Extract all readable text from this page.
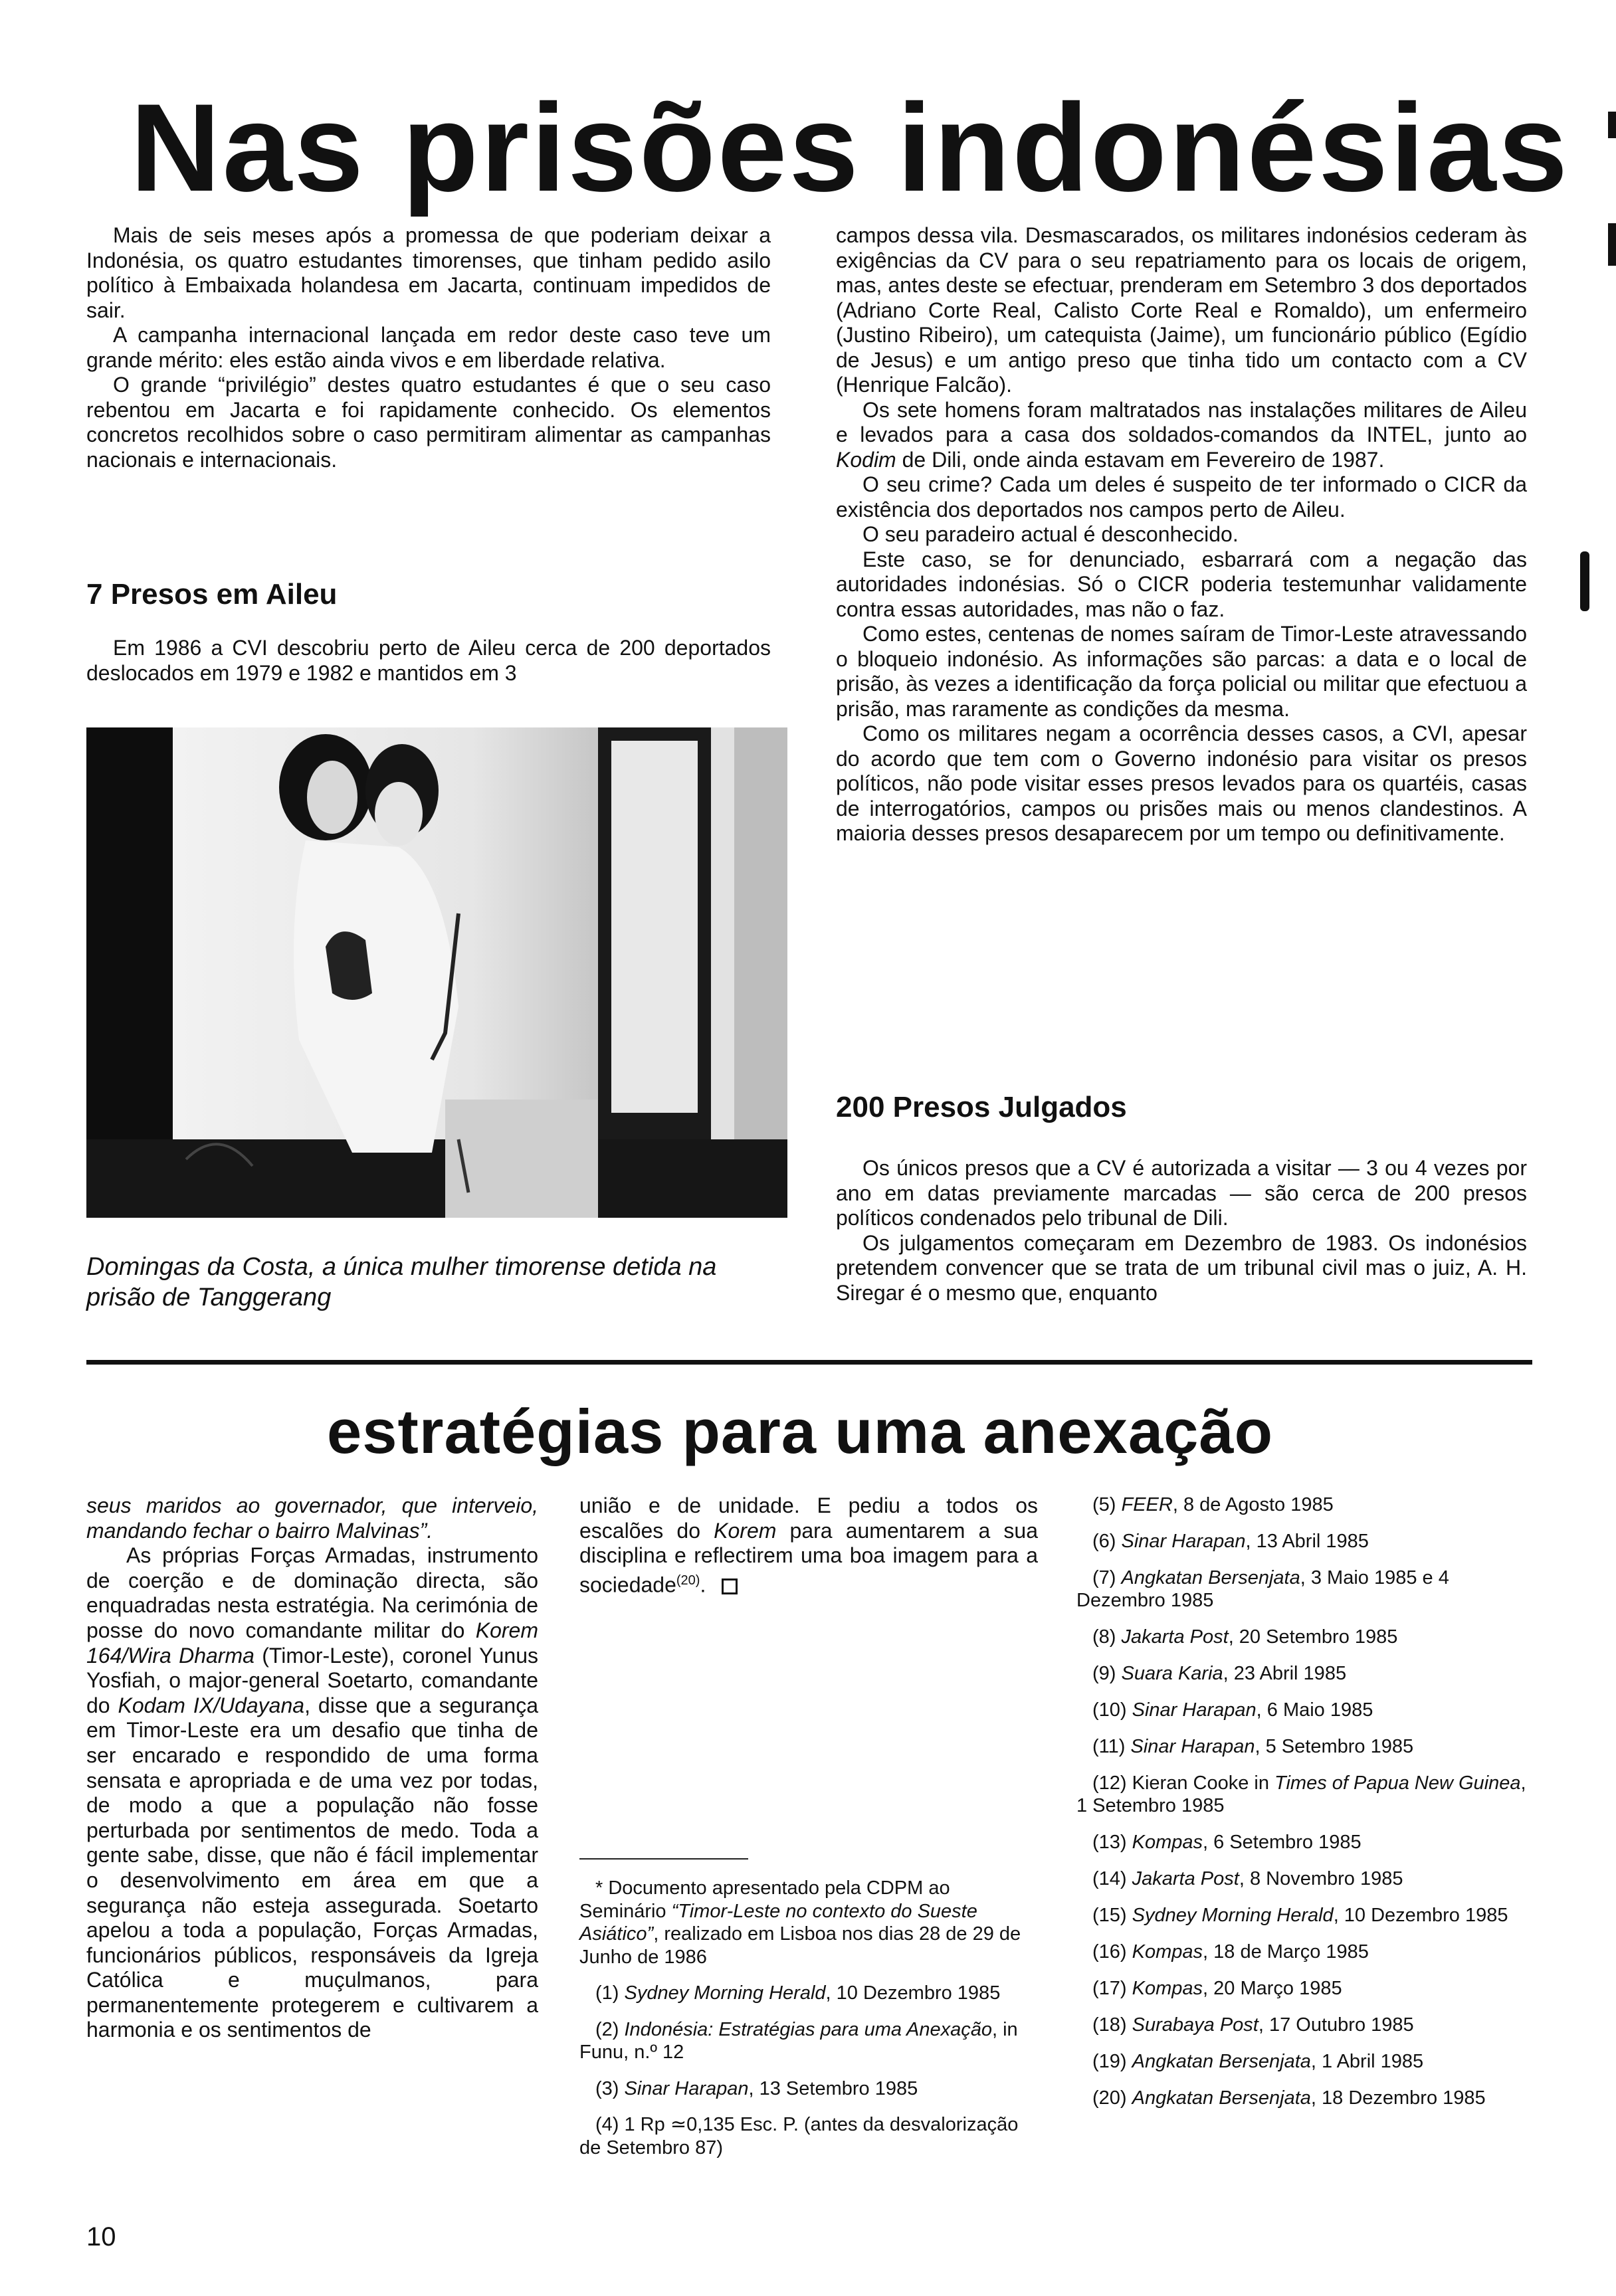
Nas prisões indonésias

Mais de seis meses após a promessa de que poderiam deixar a Indonésia, os quatro estudantes timorenses, que tinham pedido asilo político à Embaixada holandesa em Jacarta, continuam impedidos de sair.

A campanha internacional lançada em redor deste caso teve um grande mérito: eles estão ainda vivos e em liberdade relativa.

O grande “privilégio” destes quatro estudantes é que o seu caso rebentou em Jacarta e foi rapidamente conhecido. Os elementos concretos recolhidos sobre o caso permitiram alimentar as campanhas nacionais e internacionais.

7 Presos em Aileu

Em 1986 a CVI descobriu perto de Aileu cerca de 200 deportados deslocados em 1979 e 1982 e mantidos em 3

Domingas da Costa, a única mulher timorense detida na prisão de Tanggerang

campos dessa vila. Desmascarados, os militares indonésios cederam às exigências da CV para o seu repatriamento para os locais de origem, mas, antes deste se efectuar, prenderam em Setembro 3 dos deportados (Adriano Corte Real, Calisto Corte Real e Romaldo), um enfermeiro (Justino Ribeiro), um catequista (Jaime), um funcionário público (Egídio de Jesus) e um antigo preso que tinha tido um contacto com a CV (Henrique Falcão).

Os sete homens foram maltratados nas instalações militares de Aileu e levados para a casa dos soldados-comandos da INTEL, junto ao Kodim de Dili, onde ainda estavam em Fevereiro de 1987.

O seu crime? Cada um deles é suspeito de ter informado o CICR da existência dos deportados nos campos perto de Aileu.

O seu paradeiro actual é desconhecido.

Este caso, se for denunciado, esbarrará com a negação das autoridades indonésias. Só o CICR poderia testemunhar validamente contra essas autoridades, mas não o faz.

Como estes, centenas de nomes saíram de Timor-Leste atravessando o bloqueio indonésio. As informações são parcas: a data e o local de prisão, às vezes a identificação da força policial ou militar que efectuou a prisão, mas raramente as condições da mesma.

Como os militares negam a ocorrência desses casos, a CVI, apesar do acordo que tem com o Governo indonésio para visitar os presos políticos, não pode visitar esses presos levados para os quartéis, casas de interrogatórios, campos ou prisões mais ou menos clandestinos. A maioria desses presos desaparecem por um tempo ou definitivamente.

200 Presos Julgados

Os únicos presos que a CV é autorizada a visitar — 3 ou 4 vezes por ano em datas previamente marcadas — são cerca de 200 presos políticos condenados pelo tribunal de Dili.

Os julgamentos começaram em Dezembro de 1983. Os indonésios pretendem convencer que se trata de um tribunal civil mas o juiz, A. H. Siregar é o mesmo que, enquanto

estratégias para uma anexação

seus maridos ao governador, que interveio, mandando fechar o bairro Malvinas”.

As próprias Forças Armadas, instrumento de coerção e de dominação directa, são enquadradas nesta estratégia. Na cerimónia de posse do novo comandante militar do Korem 164/Wira Dharma (Timor-Leste), coronel Yunus Yosfiah, o major-general Soetarto, comandante do Kodam IX/Udayana, disse que a segurança em Timor-Leste era um desafio que tinha de ser encarado e respondido de uma forma sensata e apropriada e de uma vez por todas, de modo a que a população não fosse perturbada por sentimentos de medo. Toda a gente sabe, disse, que não é fácil implementar o desenvolvimento em área em que a segurança não esteja assegurada. Soetarto apelou a toda a população, Forças Armadas, funcionários públicos, responsáveis da Igreja Católica e muçulmanos, para permanentemente protegerem e cultivarem a harmonia e os sentimentos de

união e de unidade. E pediu a todos os escalões do Korem para aumentarem a sua disciplina e reflectirem uma boa imagem para a sociedade$^{(20)}$.

* Documento apresentado pela CDPM ao Seminário “Timor-Leste no contexto do Sueste Asiático”, realizado em Lisboa nos dias 28 de 29 de Junho de 1986

(1) Sydney Morning Herald, 10 Dezembro 1985

(2) Indonésia: Estratégias para uma Anexação, in Funu, n.º 12

(3) Sinar Harapan, 13 Setembro 1985

(4) 1 Rp ≃0,135 Esc. P. (antes da desvalorização de Setembro 87)

(5) FEER, 8 de Agosto 1985

(6) Sinar Harapan, 13 Abril 1985

(7) Angkatan Bersenjata, 3 Maio 1985 e 4 Dezembro 1985

(8) Jakarta Post, 20 Setembro 1985

(9) Suara Karia, 23 Abril 1985

(10) Sinar Harapan, 6 Maio 1985

(11) Sinar Harapan, 5 Setembro 1985

(12) Kieran Cooke in Times of Papua New Guinea, 1 Setembro 1985

(13) Kompas, 6 Setembro 1985

(14) Jakarta Post, 8 Novembro 1985

(15) Sydney Morning Herald, 10 Dezembro 1985

(16) Kompas, 18 de Março 1985

(17) Kompas, 20 Março 1985

(18) Surabaya Post, 17 Outubro 1985

(19) Angkatan Bersenjata, 1 Abril 1985

(20) Angkatan Bersenjata, 18 Dezembro 1985

10
